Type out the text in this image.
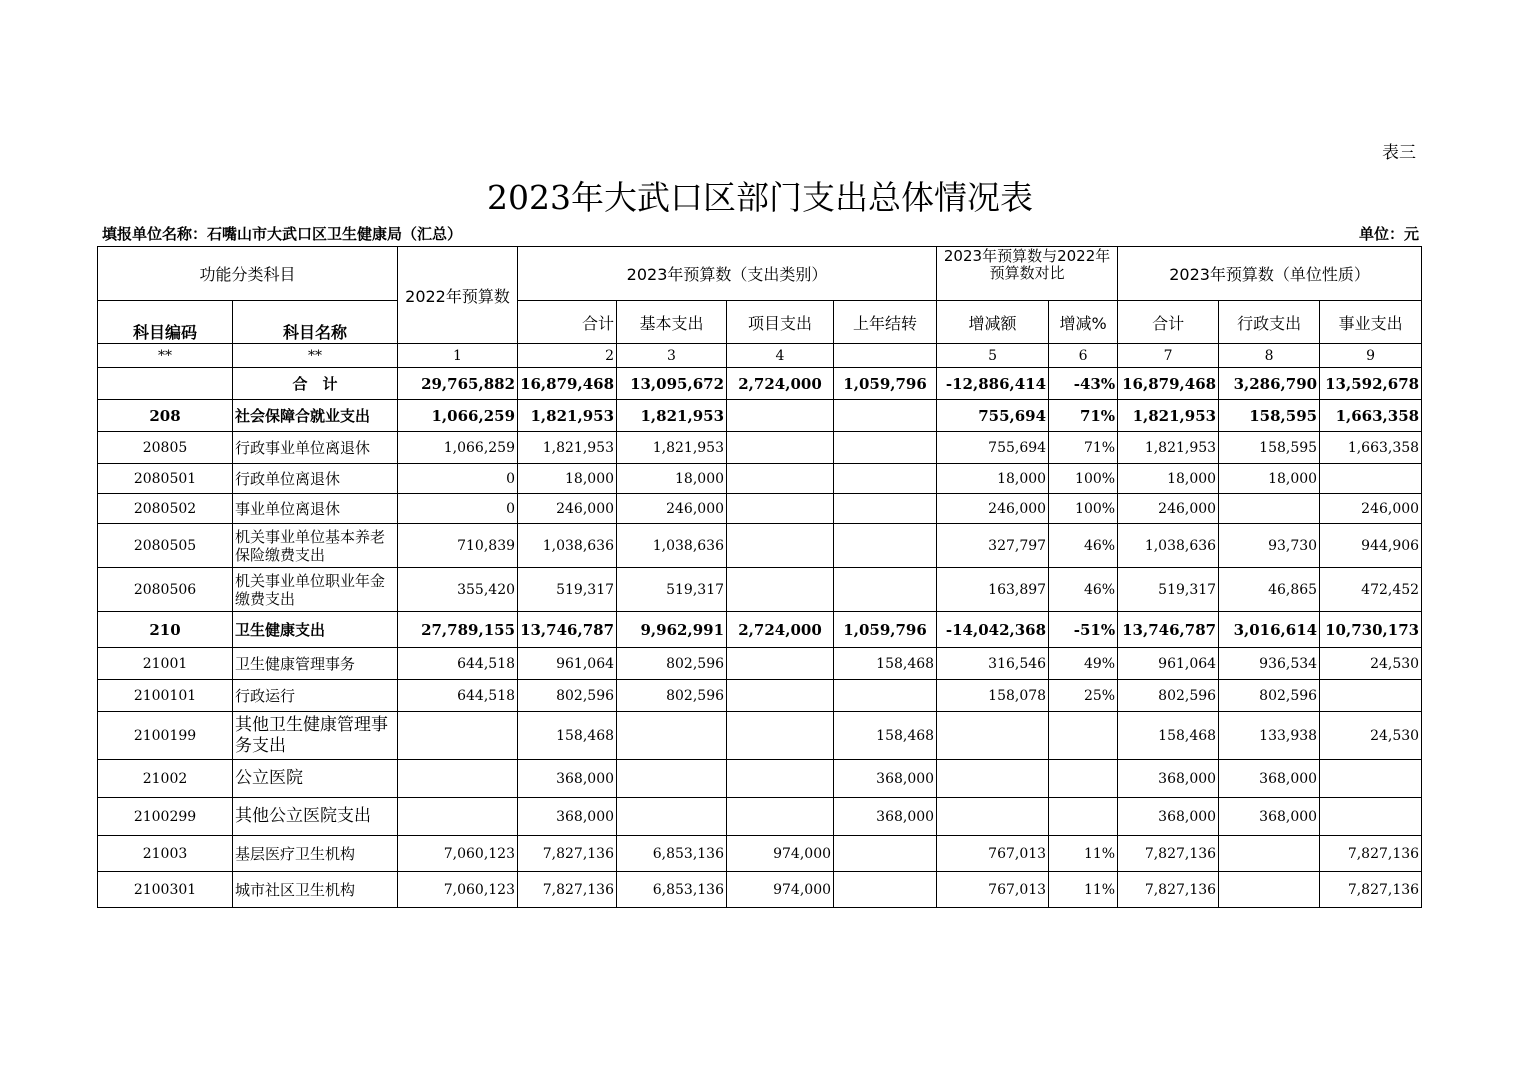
表三
2023年大武口区部门支出总体情况表
填报单位名称：石嘴山市大武口区卫生健康局（汇总）	单位：元
功能分类科目		2022年预算数	2023年预算数（支出类别）				2023年预算数与2022年预算数对比		2023年预算数（单位性质）		
科目编码	科目名称		合计	基本支出	项目支出	上年结转	增减额	增减%	合计	行政支出	事业支出
**	**	1	2	3	4		5	6	7	8	9
	合　计	29,765,882	16,879,468	13,095,672	2,724,000	1,059,796	-12,886,414	-43%	16,879,468	3,286,790	13,592,678
208	社会保障合就业支出	1,066,259	1,821,953	1,821,953			755,694	71%	1,821,953	158,595	1,663,358
20805	行政事业单位离退休	1,066,259	1,821,953	1,821,953			755,694	71%	1,821,953	158,595	1,663,358
2080501	行政单位离退休	0	18,000	18,000			18,000	100%	18,000	18,000	
2080502	事业单位离退休	0	246,000	246,000			246,000	100%	246,000		246,000
2080505	机关事业单位基本养老保险缴费支出	710,839	1,038,636	1,038,636			327,797	46%	1,038,636	93,730	944,906
2080506	机关事业单位职业年金缴费支出	355,420	519,317	519,317			163,897	46%	519,317	46,865	472,452
210	卫生健康支出	27,789,155	13,746,787	9,962,991	2,724,000	1,059,796	-14,042,368	-51%	13,746,787	3,016,614	10,730,173
21001	卫生健康管理事务	644,518	961,064	802,596		158,468	316,546	49%	961,064	936,534	24,530
2100101	行政运行	644,518	802,596	802,596			158,078	25%	802,596	802,596	
2100199	其他卫生健康管理事务支出		158,468			158,468			158,468	133,938	24,530
21002	公立医院		368,000			368,000			368,000	368,000	
2100299	其他公立医院支出		368,000			368,000			368,000	368,000	
21003	基层医疗卫生机构	7,060,123	7,827,136	6,853,136	974,000		767,013	11%	7,827,136		7,827,136
2100301	城市社区卫生机构	7,060,123	7,827,136	6,853,136	974,000		767,013	11%	7,827,136		7,827,136
